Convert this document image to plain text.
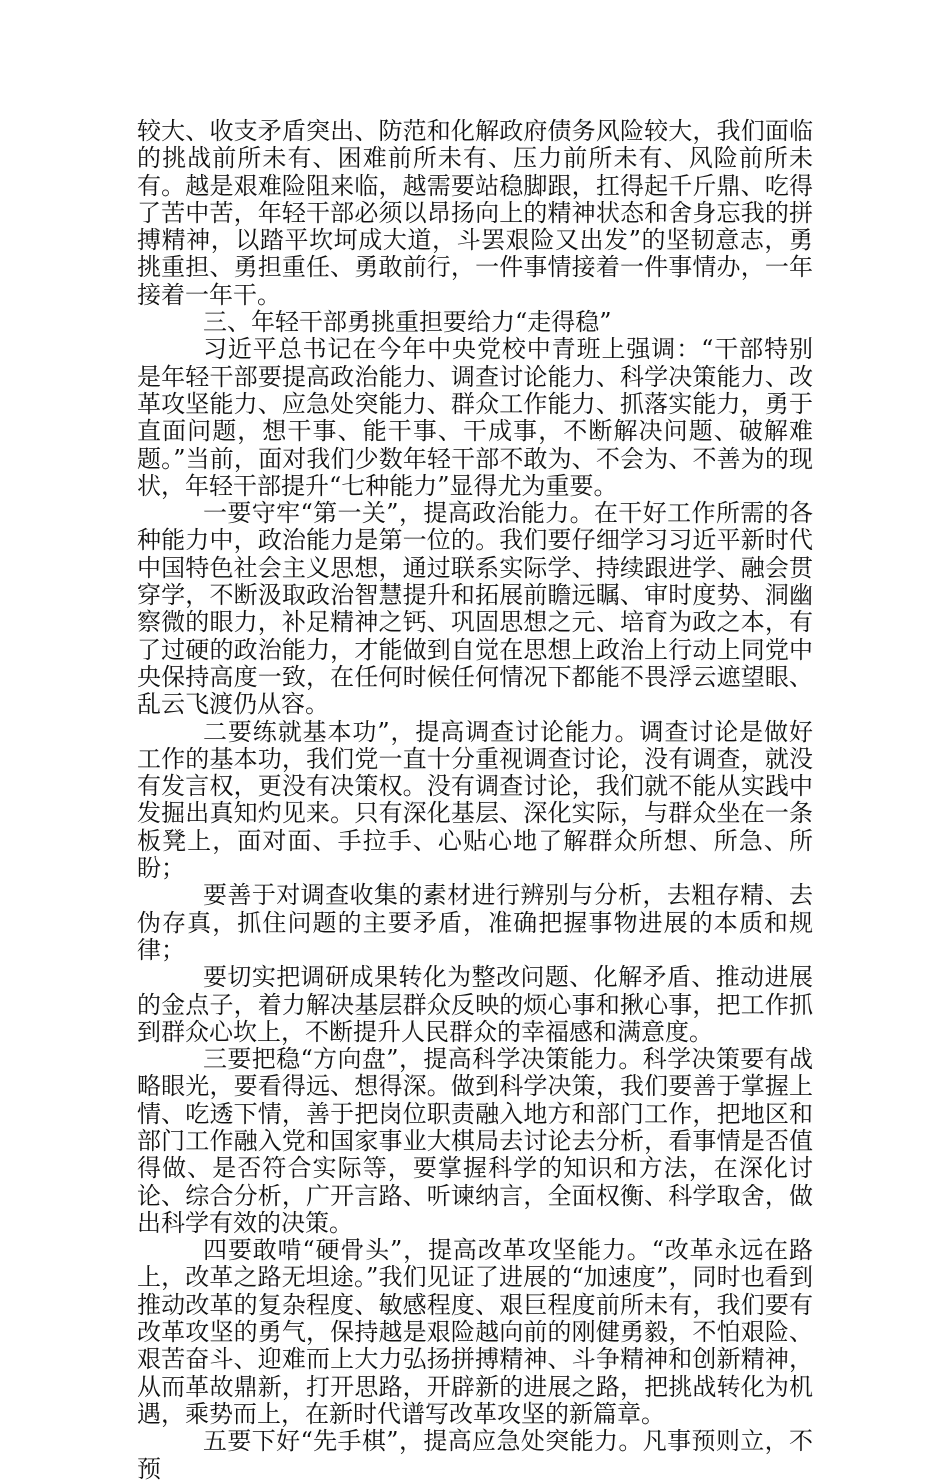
较大、收支矛盾突出、防范和化解政府债务风险较大，我们面临的挑战前所未有、困难前所未有、压力前所未有、风险前所未有。越是艰难险阻来临，越需要站稳脚跟，扛得起千斤鼎、吃得了苦中苦，年轻干部必须以昂扬向上的精神状态和舍身忘我的拼搏精神，以踏平坎坷成大道，斗罢艰险又出发”的坚韧意志，勇挑重担、勇担重任、勇敢前行，一件事情接着一件事情办，一年接着一年干。

三、年轻干部勇挑重担要给力“走得稳”

习近平总书记在今年中央党校中青班上强调：“干部特别是年轻干部要提高政治能力、调查讨论能力、科学决策能力、改革攻坚能力、应急处突能力、群众工作能力、抓落实能力，勇于直面问题，想干事、能干事、干成事，不断解决问题、破解难题。”当前，面对我们少数年轻干部不敢为、不会为、不善为的现状，年轻干部提升“七种能力”显得尤为重要。

一要守牢“第一关”，提高政治能力。在干好工作所需的各种能力中，政治能力是第一位的。我们要仔细学习习近平新时代中国特色社会主义思想，通过联系实际学、持续跟进学、融会贯穿学，不断汲取政治智慧提升和拓展前瞻远瞩、审时度势、洞幽察微的眼力，补足精神之钙、巩固思想之元、培育为政之本，有了过硬的政治能力，才能做到自觉在思想上政治上行动上同党中央保持高度一致，在任何时候任何情况下都能不畏浮云遮望眼、乱云飞渡仍从容。

二要练就基本功”，提高调查讨论能力。调查讨论是做好工作的基本功，我们党一直十分重视调查讨论，没有调查，就没有发言权，更没有决策权。没有调查讨论，我们就不能从实践中发掘出真知灼见来。只有深化基层、深化实际，与群众坐在一条板凳上，面对面、手拉手、心贴心地了解群众所想、所急、所盼；

要善于对调查收集的素材进行辨别与分析，去粗存精、去伪存真，抓住问题的主要矛盾，准确把握事物进展的本质和规律；

要切实把调研成果转化为整改问题、化解矛盾、推动进展的金点子，着力解决基层群众反映的烦心事和揪心事，把工作抓到群众心坎上，不断提升人民群众的幸福感和满意度。

三要把稳“方向盘”，提高科学决策能力。科学决策要有战略眼光，要看得远、想得深。做到科学决策，我们要善于掌握上情、吃透下情，善于把岗位职责融入地方和部门工作，把地区和部门工作融入党和国家事业大棋局去讨论去分析，看事情是否值得做、是否符合实际等，要掌握科学的知识和方法，在深化讨论、综合分析，广开言路、听谏纳言，全面权衡、科学取舍，做出科学有效的决策。

四要敢啃“硬骨头”，提高改革攻坚能力。“改革永远在路上，改革之路无坦途。”我们见证了进展的“加速度”，同时也看到推动改革的复杂程度、敏感程度、艰巨程度前所未有，我们要有改革攻坚的勇气，保持越是艰险越向前的刚健勇毅，不怕艰险、艰苦奋斗、迎难而上大力弘扬拼搏精神、斗争精神和创新精神，从而革故鼎新，打开思路，开辟新的进展之路，把挑战转化为机遇，乘势而上，在新时代谱写改革攻坚的新篇章。

五要下好“先手棋”，提高应急处突能力。凡事预则立，不预
